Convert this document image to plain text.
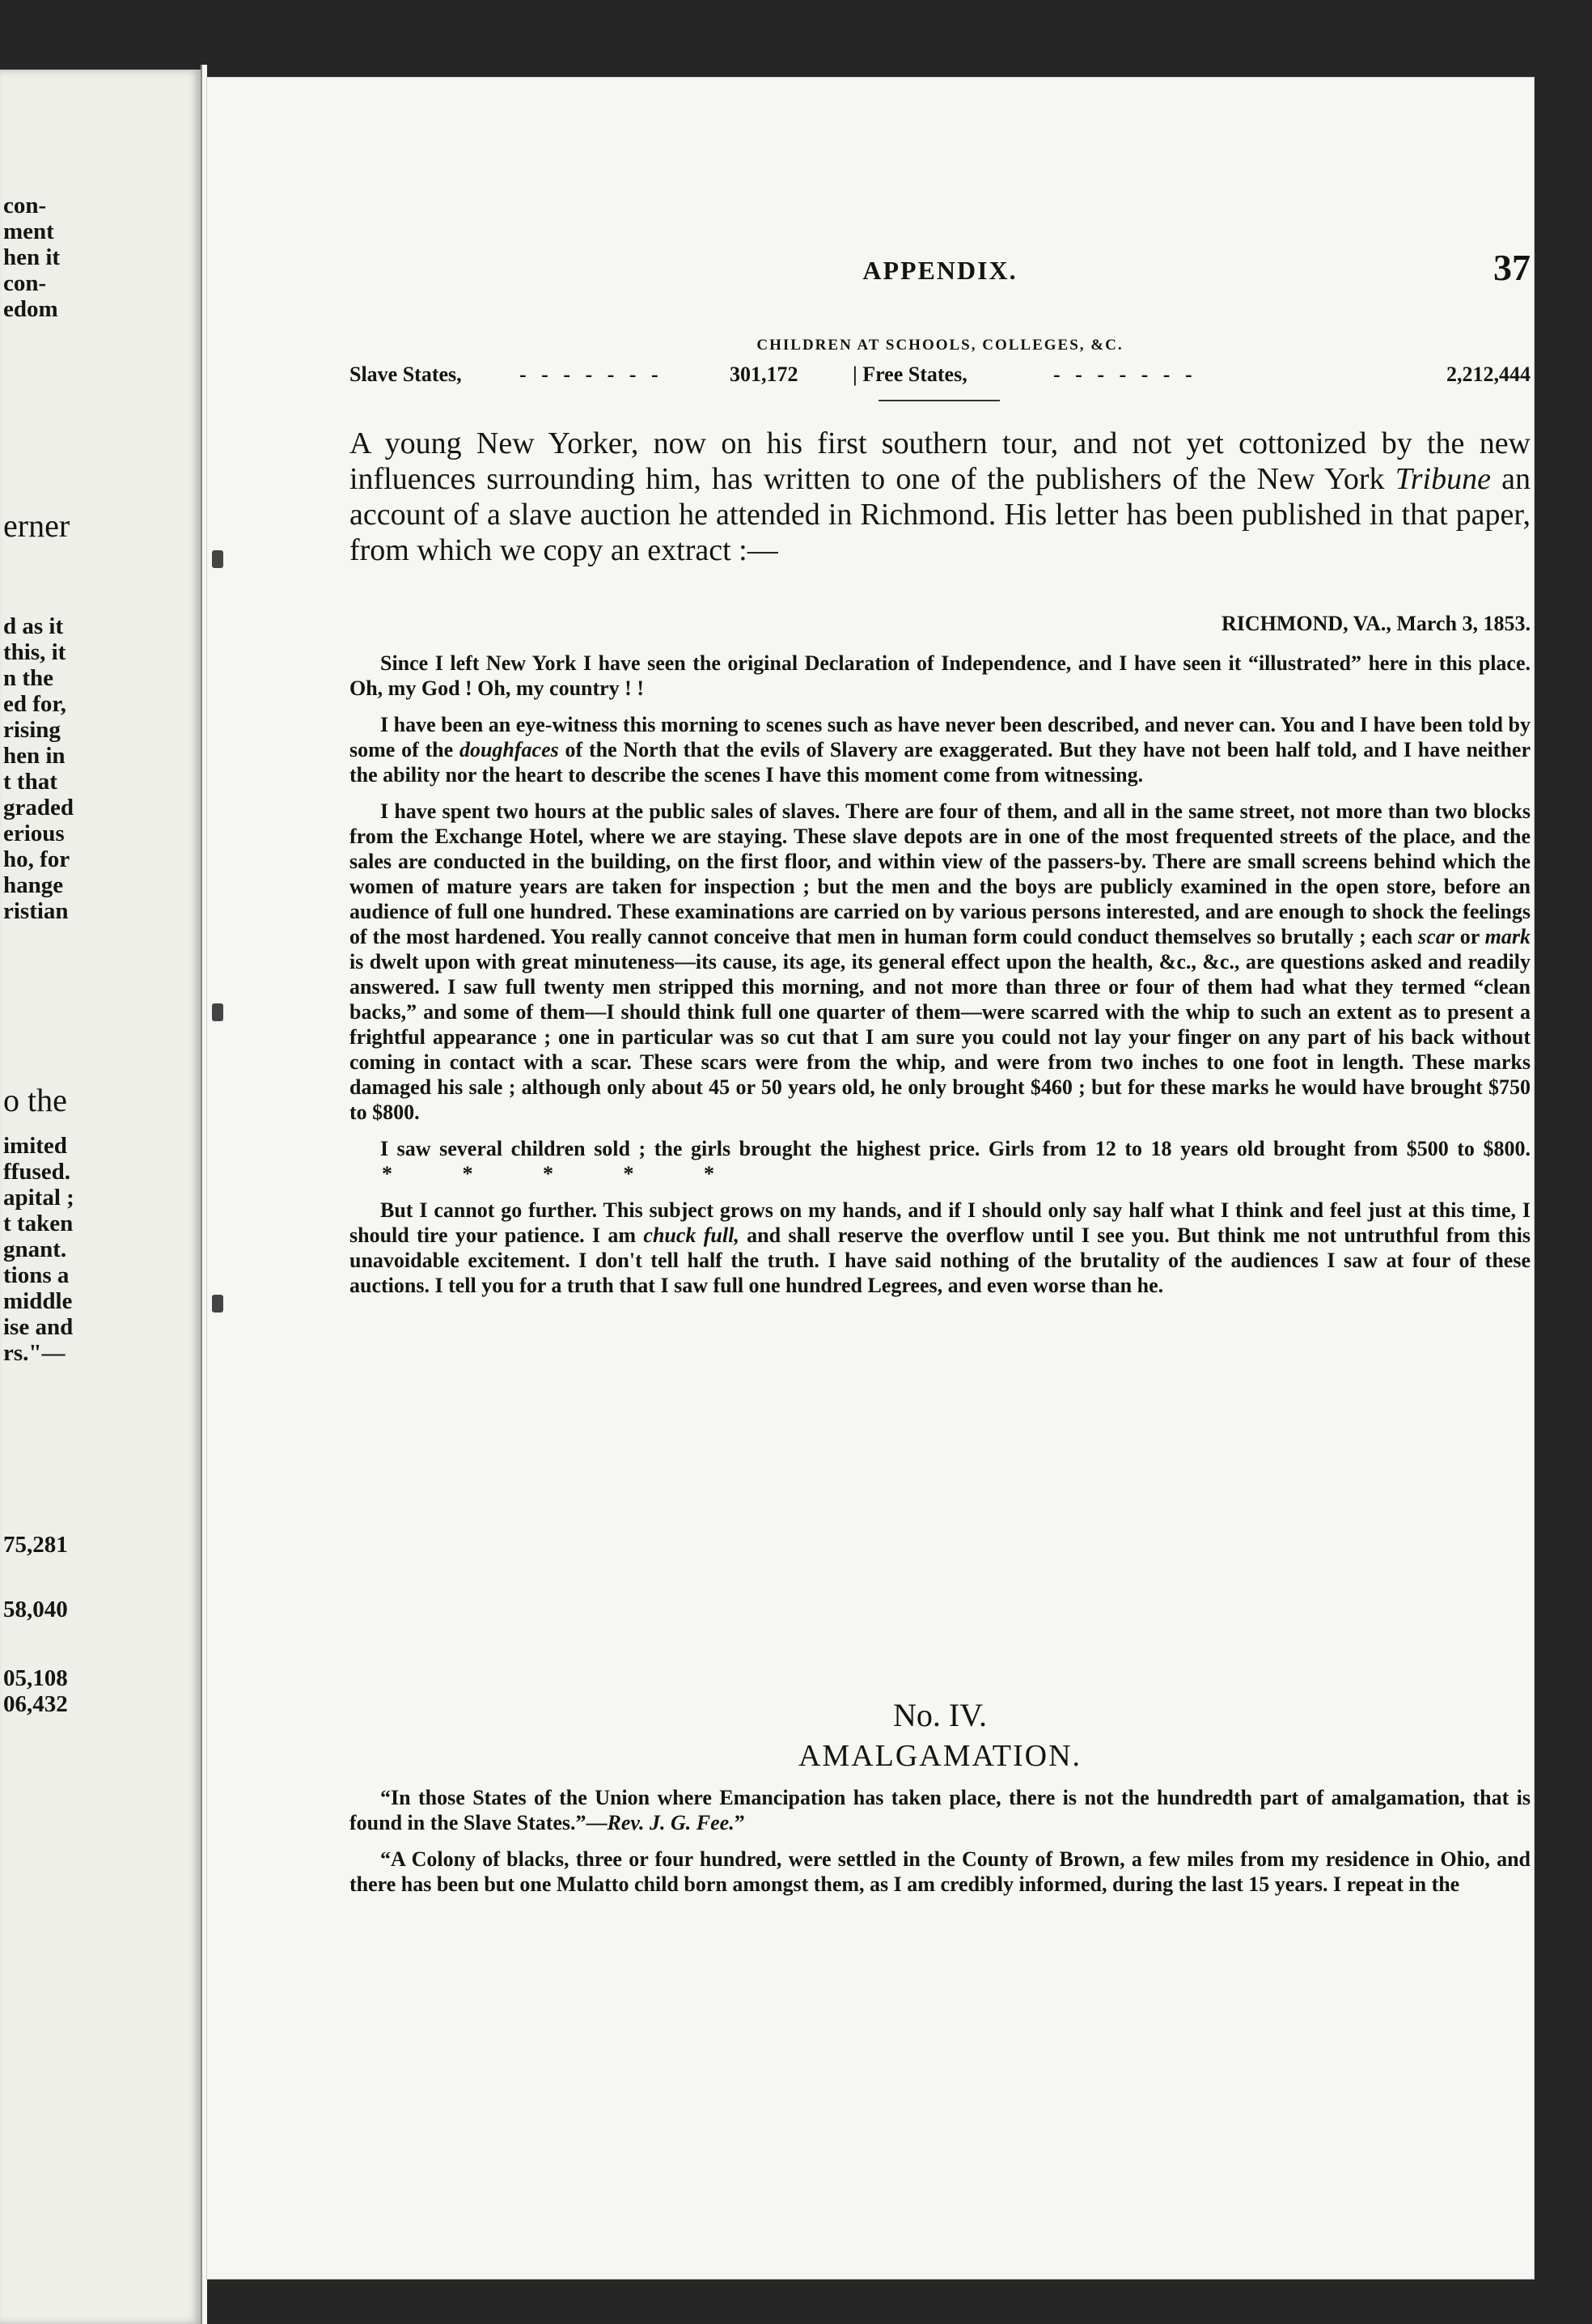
con-
ment
hen it
con-
edom
erner
d as it
this, it
n the
ed for,
rising
hen in
t that
graded
erious
ho, for
hange
ristian
o the
imited
ffused.
apital ;
t taken
gnant.
tions a
middle
ise and
rs."—
75,281
58,040
05,108
06,432
APPENDIX.	37
CHILDREN AT SCHOOLS, COLLEGES, &C.
Slave States,	- - - - - - -	301,172	| Free States,	- - - - - - -	2,212,444
A young New Yorker, now on his first southern tour, and not yet cottonized by the new influences surrounding him, has written to one of the publishers of the New York Tribune an account of a slave auction he attended in Richmond. His letter has been published in that paper, from which we copy an extract :—
RICHMOND, VA., March 3, 1853.

Since I left New York I have seen the original Declaration of Independence, and I have seen it “illustrated” here in this place. Oh, my God ! Oh, my country ! !

I have been an eye-witness this morning to scenes such as have never been described, and never can. You and I have been told by some of the doughfaces of the North that the evils of Slavery are exaggerated. But they have not been half told, and I have neither the ability nor the heart to describe the scenes I have this moment come from witnessing.

I have spent two hours at the public sales of slaves. There are four of them, and all in the same street, not more than two blocks from the Exchange Hotel, where we are staying. These slave depots are in one of the most frequented streets of the place, and the sales are conducted in the building, on the first floor, and within view of the passers-by. There are small screens behind which the women of mature years are taken for inspection ; but the men and the boys are publicly examined in the open store, before an audience of full one hundred. These examinations are carried on by various persons interested, and are enough to shock the feelings of the most hardened. You really cannot conceive that men in human form could conduct themselves so brutally ; each scar or mark is dwelt upon with great minuteness—its cause, its age, its general effect upon the health, &c., &c., are questions asked and readily answered. I saw full twenty men stripped this morning, and not more than three or four of them had what they termed “clean backs,” and some of them—I should think full one quarter of them—were scarred with the whip to such an extent as to present a frightful appearance ; one in particular was so cut that I am sure you could not lay your finger on any part of his back without coming in contact with a scar. These scars were from the whip, and were from two inches to one foot in length. These marks damaged his sale ; although only about 45 or 50 years old, he only brought $460 ; but for these marks he would have brought $750 to $800.

I saw several children sold ; the girls brought the highest price. Girls from 12 to 18 years old brought from $500 to $800. * * * * *

But I cannot go further. This subject grows on my hands, and if I should only say half what I think and feel just at this time, I should tire your patience. I am chuck full, and shall reserve the overflow until I see you. But think me not untruthful from this unavoidable excitement. I don't tell half the truth. I have said nothing of the brutality of the audiences I saw at four of these auctions. I tell you for a truth that I saw full one hundred Legrees, and even worse than he.

No. IV.
AMALGAMATION.

“In those States of the Union where Emancipation has taken place, there is not the hundredth part of amalgamation, that is found in the Slave States.”—Rev. J. G. Fee.”

“A Colony of blacks, three or four hundred, were settled in the County of Brown, a few miles from my residence in Ohio, and there has been but one Mulatto child born amongst them, as I am credibly informed, during the last 15 years. I repeat in the
